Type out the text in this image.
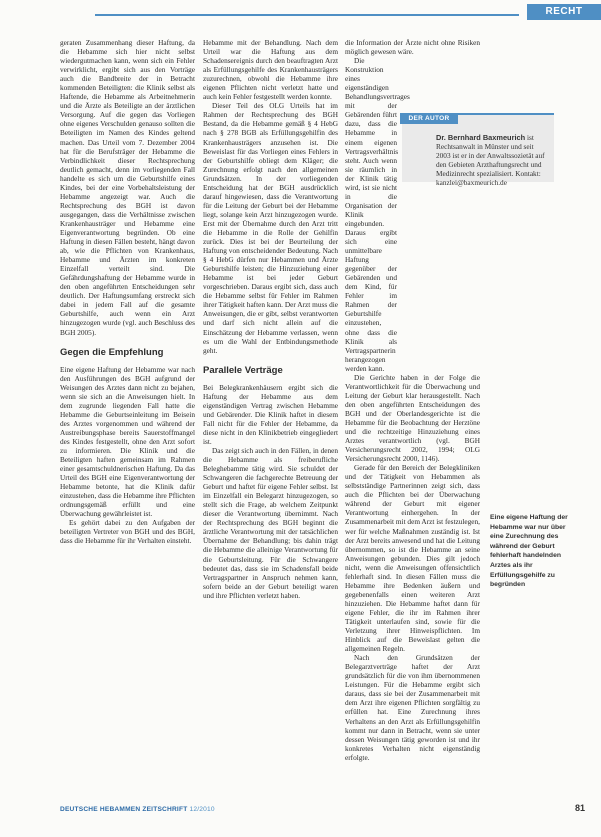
RECHT

geraten Zusammenhang dieser Haftung, da die Hebamme sich hier nicht selbst wiedergutmachen kann, wenn sich ein Fehler verwirklicht, ergibt sich aus den Vorträge auch die Bandbreite der in Betracht kommenden Beteiligten: die Klinik selbst als Haftende, die Hebamme als Arbeitnehmerin und die Ärzte als Beteiligte an der ärztlichen Versorgung. Auf die gegen das Vorliegen ohne eigenes Verschulden genauso sollten die Beteiligten im Namen des Kindes geltend machen. Das Urteil vom 7. Dezember 2004 hat für die Berufsträger der Hebamme die Verbindlichkeit dieser Rechtsprechung deutlich gemacht, denn im vorliegenden Fall handelte es sich um die Geburtshilfe eines Kindes, bei der eine Vorbehaltsleistung der Hebamme angezeigt war. Auch die Rechtsprechung des BGH ist davon ausgegangen, dass die Verhältnisse zwischen Krankenhausträger und Hebamme eine Eigenverantwortung begründen. Ob eine Haftung in diesen Fällen besteht, hängt davon ab, wie die Pflichten von Krankenhaus, Hebamme und Ärzten im konkreten Einzelfall verteilt sind. Die Gefährdungshaftung der Hebamme wurde in den oben angeführten Entscheidungen sehr deutlich. Der Haftungsumfang erstreckt sich dabei in jedem Fall auf die gesamte Geburtshilfe, auch wenn ein Arzt hinzugezogen wurde (vgl. auch Beschluss des BGH 2005).

Gegen die Empfehlung

Eine eigene Haftung der Hebamme war nach den Ausführungen des BGH aufgrund der Weisungen des Arztes dann nicht zu bejahen, wenn sie sich an die Anweisungen hielt. In dem zugrunde liegenden Fall hatte die Hebamme die Geburtseinleitung im Beisein des Arztes vorgenommen und während der Austreibungsphase bereits Sauerstoffmangel des Kindes festgestellt, ohne den Arzt sofort zu informieren. Die Klinik und die Beteiligten haften gemeinsam im Rahmen einer gesamtschuldnerischen Haftung. Da das Urteil des BGH eine Eigenverantwortung der Hebamme betonte, hat die Klinik dafür einzustehen, dass die Hebamme ihre Pflichten ordnungsgemäß erfüllt und eine Überwachung gewährleistet ist.

Es gehört dabei zu den Aufgaben der beteiligten Vertreter von BGH und des BGH, dass die Hebamme für ihr Verhalten einsteht.

Hebamme mit der Behandlung. Nach dem Urteil war die Haftung aus dem Schadensereignis durch den beauftragten Arzt als Erfüllungsgehilfe des Krankenhausträgers zuzurechnen, obwohl die Hebamme ihre eigenen Pflichten nicht verletzt hatte und auch kein Fehler festgestellt werden konnte.

Dieser Teil des OLG Urteils hat im Rahmen der Rechtsprechung des BGH Bestand, da die Hebamme gemäß § 4 HebG nach § 278 BGB als Erfüllungsgehilfin des Krankenhausträgers anzusehen ist. Die Beweislast für das Vorliegen eines Fehlers in der Geburtshilfe obliegt dem Kläger; die Zurechnung erfolgt nach den allgemeinen Grundsätzen. In der vorliegenden Entscheidung hat der BGH ausdrücklich darauf hingewiesen, dass die Verantwortung für die Leitung der Geburt bei der Hebamme liegt, solange kein Arzt hinzugezogen wurde. Erst mit der Übernahme durch den Arzt tritt die Hebamme in die Rolle der Gehilfin zurück. Dies ist bei der Beurteilung der Haftung von entscheidender Bedeutung. Nach § 4 HebG dürfen nur Hebammen und Ärzte Geburtshilfe leisten; die Hinzuziehung einer Hebamme ist bei jeder Geburt vorgeschrieben. Daraus ergibt sich, dass auch die Hebamme selbst für Fehler im Rahmen ihrer Tätigkeit haften kann. Der Arzt muss die Anweisungen, die er gibt, selbst verantworten und darf sich nicht allein auf die Einschätzung der Hebamme verlassen, wenn es um die Wahl der Entbindungsmethode geht.

Parallele Verträge

Bei Belegkrankenhäusern ergibt sich die Haftung der Hebamme aus dem eigenständigen Vertrag zwischen Hebamme und Gebärender. Die Klinik haftet in diesem Fall nicht für die Fehler der Hebamme, da diese nicht in den Klinikbetrieb eingegliedert ist.

Das zeigt sich auch in den Fällen, in denen die Hebamme als freiberufliche Beleghebamme tätig wird. Sie schuldet der Schwangeren die fachgerechte Betreuung der Geburt und haftet für eigene Fehler selbst. Ist im Einzelfall ein Belegarzt hinzugezogen, so stellt sich die Frage, ab welchem Zeitpunkt dieser die Verantwortung übernimmt. Nach der Rechtsprechung des BGH beginnt die ärztliche Verantwortung mit der tatsächlichen Übernahme der Behandlung; bis dahin trägt die Hebamme die alleinige Verantwortung für die Geburtsleitung. Für die Schwangere bedeutet das, dass sie im Schadensfall beide Vertragspartner in Anspruch nehmen kann, sofern beide an der Geburt beteiligt waren und ihre Pflichten verletzt haben.

die Information der Ärzte nicht ohne Risiken möglich gewesen wäre.

Die Konstruktion eines eigenständigen Behandlungsvertrages mit der Gebärenden führt dazu, dass die Hebamme in einem eigenen Vertragsverhältnis steht. Auch wenn sie räumlich in der Klinik tätig wird, ist sie nicht in die Organisation der Klinik eingebunden. Daraus ergibt sich eine unmittelbare Haftung gegenüber der Gebärenden und dem Kind, für Fehler im Rahmen der Geburtshilfe einzustehen, ohne dass die Klinik als Vertragspartnerin herangezogen werden kann.

Die Gerichte haben in der Folge die Verantwortlichkeit für die Überwachung und Leitung der Geburt klar herausgestellt. Nach den oben angeführten Entscheidungen des BGH und der Oberlandesgerichte ist die Hebamme für die Beobachtung der Herztöne und die rechtzeitige Hinzuziehung eines Arztes verantwortlich (vgl. BGH Versicherungsrecht 2002, 1994; OLG Versicherungsrecht 2000, 1146).

Gerade für den Bereich der Belegkliniken und der Tätigkeit von Hebammen als selbstständige Partnerinnen zeigt sich, dass auch die Pflichten bei der Überwachung während der Geburt mit eigener Verantwortung einhergehen. In der Zusammenarbeit mit dem Arzt ist festzulegen, wer für welche Maßnahmen zuständig ist. Ist der Arzt bereits anwesend und hat die Leitung übernommen, so ist die Hebamme an seine Anweisungen gebunden. Dies gilt jedoch nicht, wenn die Anweisungen offensichtlich fehlerhaft sind. In diesen Fällen muss die Hebamme ihre Bedenken äußern und gegebenenfalls einen weiteren Arzt hinzuziehen. Die Hebamme haftet dann für eigene Fehler, die ihr im Rahmen ihrer Tätigkeit unterlaufen sind, sowie für die Verletzung ihrer Hinweispflichten. Im Hinblick auf die Beweislast gelten die allgemeinen Regeln.

Nach den Grundsätzen der Belegarztverträge haftet der Arzt grundsätzlich für die von ihm übernommenen Leistungen. Für die Hebamme ergibt sich daraus, dass sie bei der Zusammenarbeit mit dem Arzt ihre eigenen Pflichten sorgfältig zu erfüllen hat. Eine Zurechnung ihres Verhaltens an den Arzt als Erfüllungsgehilfin kommt nur dann in Betracht, wenn sie unter dessen Weisungen tätig geworden ist und ihr konkretes Verhalten nicht eigenständig erfolgte.

DER AUTOR
Dr. Bernhard Baxmeurich ist Rechtsanwalt in Münster und seit 2003 ist er in der Anwaltssozietät auf den Gebieten Arzthaftungsrecht und Medizinrecht spezialisiert. Kontakt: kanzlei@baxmeurich.de
Eine eigene Haftung der Hebamme war nur über eine Zurechnung des während der Geburt fehlerhaft handelnden Arztes als ihr Erfüllungsgehilfe zu begründen
DEUTSCHE HEBAMMEN ZEITSCHRIFT 12/2010	81
